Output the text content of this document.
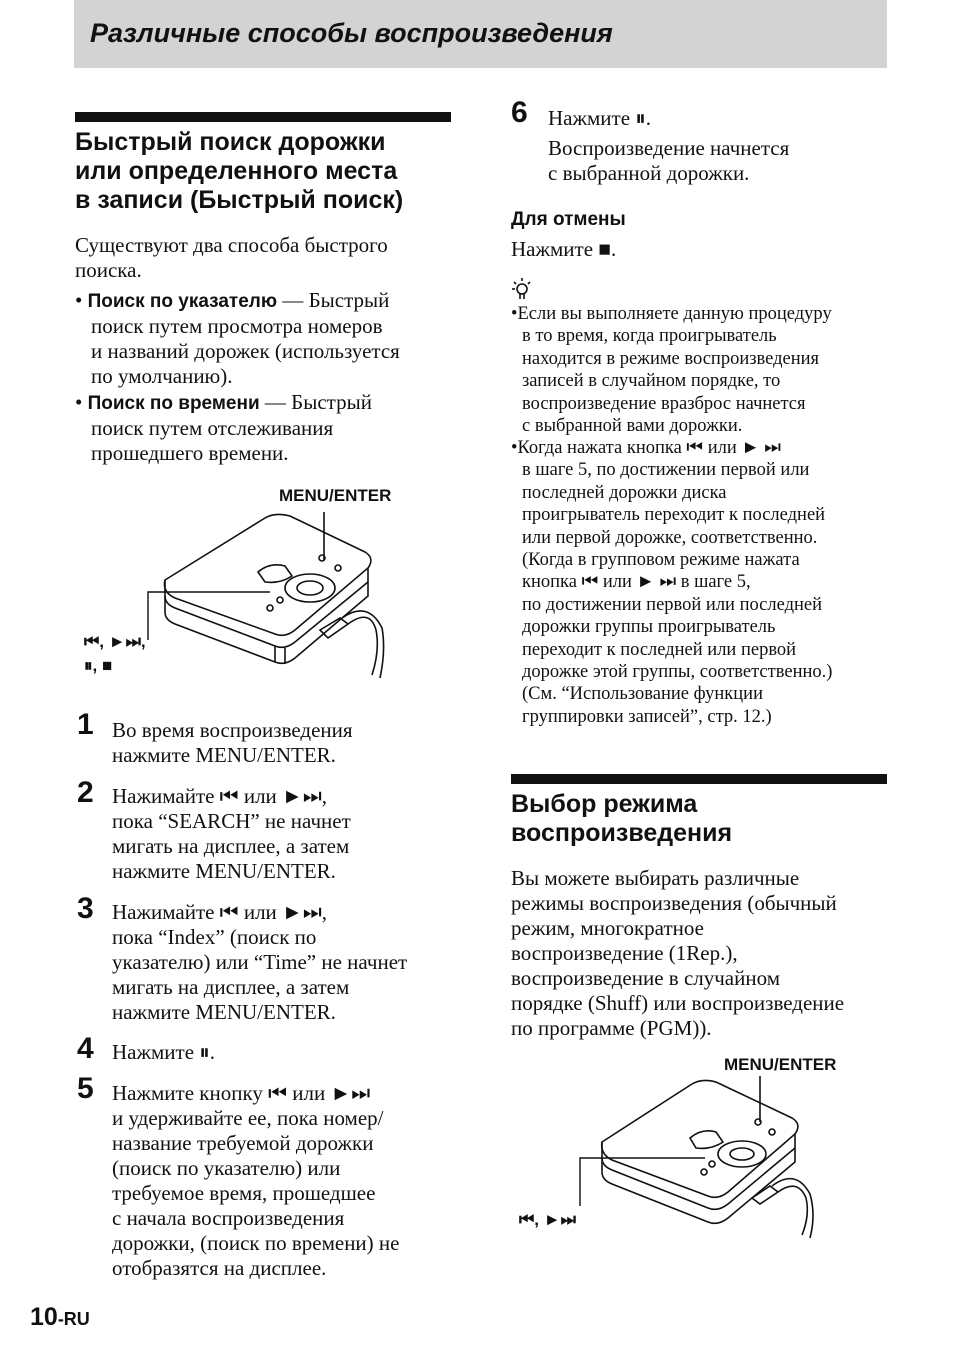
Различные способы воспроизведения
Быстрый поиск дорожки
или определенного места
в записи (Быстрый поиск)
Существуют два способа быстрого
поиска.
• Поиск по указателю — Быстрый
поиск путем просмотра номеров
и названий дорожек (используется
по умолчанию).
• Поиск по времени — Быстрый
поиск путем отслеживания
прошедшего времени.
MENU/ENTER
⏮, ►⏭,
⏸, ■
1 Во время воспроизведения
нажмите MENU/ENTER.
2 Нажимайте ⏮ или ►⏭,
пока “SEARCH” не начнет
мигать на дисплее, а затем
нажмите MENU/ENTER.
3 Нажимайте ⏮ или ►⏭,
пока “Index” (поиск по
указателю) или “Time” не начнет
мигать на дисплее, а затем
нажмите MENU/ENTER.
4 Нажмите ⏸.
5 Нажмите кнопку ⏮ или ►⏭
и удерживайте ее, пока номер/
название требуемой дорожки
(поиск по указателю) или
требуемое время, прошедшее
с начала воспроизведения
дорожки, (поиск по времени) не
отобразятся на дисплее.
6 Нажмите ⏸.
Воспроизведение начнется
с выбранной дорожки.
Для отмены
Нажмите ■.
•Если вы выполняете данную процедуру
в то время, когда проигрыватель
находится в режиме воспроизведения
записей в случайном порядке, то
воспроизведение вразброс начнется
с выбранной вами дорожки.
•Когда нажата кнопка ⏮ или ► ⏭
в шаге 5, по достижении первой или
последней дорожки диска
проигрыватель переходит к последней
или первой дорожке, соответственно.
(Когда в групповом режиме нажата
кнопка ⏮ или ► ⏭ в шаге 5,
по достижении первой или последней
дорожки группы проигрыватель
переходит к последней или первой
дорожке этой группы, соответственно.)
(См. “Использование функции
группировки записей”, стр. 12.)
Выбор режима
воспроизведения
Вы можете выбирать различные
режимы воспроизведения (обычный
режим, многократное
воспроизведение (1Rep.),
воспроизведение в случайном
порядке (Shuff) или воспроизведение
по программе (PGM)).
MENU/ENTER
⏮, ►⏭
10-RU
